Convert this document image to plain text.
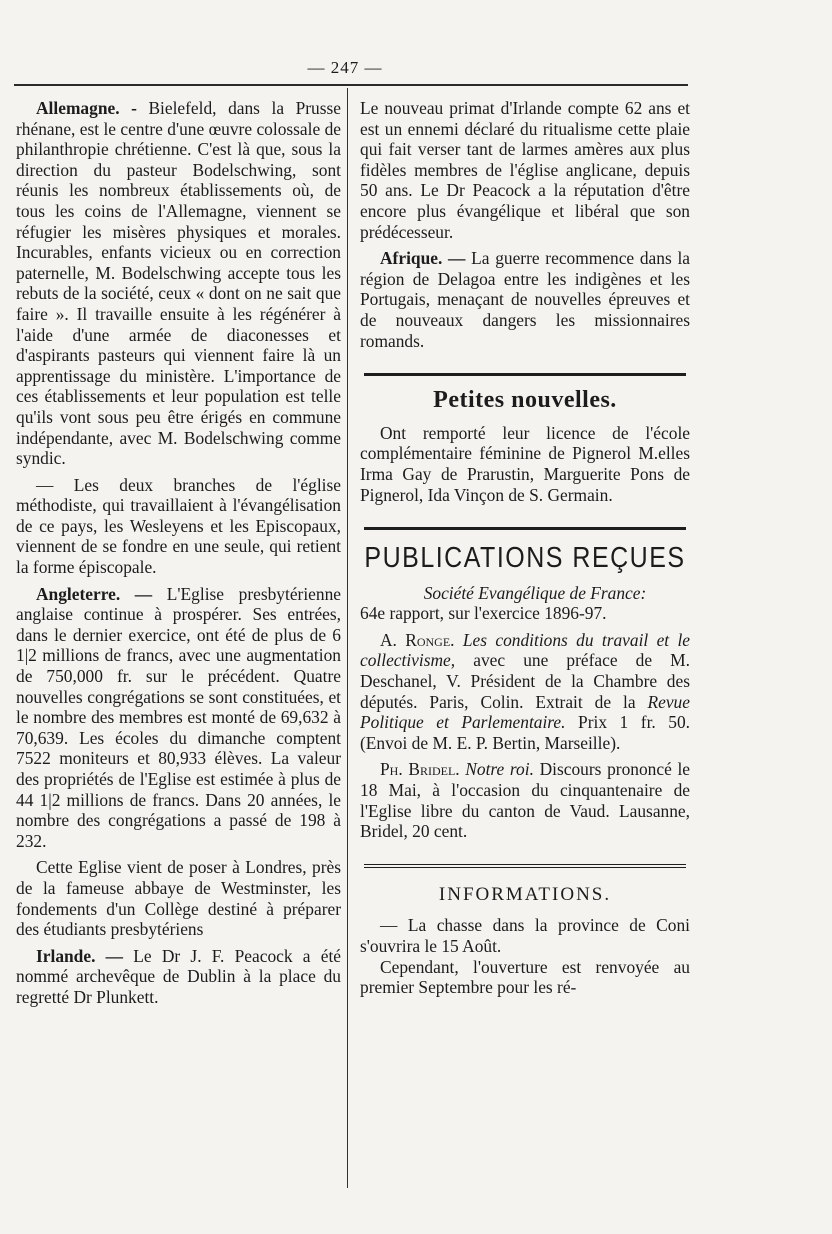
— 247 —

Allemagne. - Bielefeld, dans la Prusse rhénane, est le centre d'une œuvre colossale de philanthropie chrétienne. C'est là que, sous la direction du pasteur Bodelschwing, sont réunis les nombreux établissements où, de tous les coins de l'Allemagne, viennent se réfugier les misères physiques et morales. Incurables, enfants vicieux ou en correction paternelle, M. Bodelschwing accepte tous les rebuts de la société, ceux « dont on ne sait que faire ». Il travaille ensuite à les régénérer à l'aide d'une armée de diaconesses et d'aspirants pasteurs qui viennent faire là un apprentissage du ministère. L'importance de ces établissements et leur population est telle qu'ils vont sous peu être érigés en commune indépendante, avec M. Bodelschwing comme syndic.

— Les deux branches de l'église méthodiste, qui travaillaient à l'évangélisation de ce pays, les Wesleyens et les Episcopaux, viennent de se fondre en une seule, qui retient la forme épiscopale.

Angleterre. — L'Eglise presbytérienne anglaise continue à prospérer. Ses entrées, dans le dernier exercice, ont été de plus de 6 1|2 millions de francs, avec une augmentation de 750,000 fr. sur le précédent. Quatre nouvelles congrégations se sont constituées, et le nombre des membres est monté de 69,632 à 70,639. Les écoles du dimanche comptent 7522 moniteurs et 80,933 élèves. La valeur des propriétés de l'Eglise est estimée à plus de 44 1|2 millions de francs. Dans 20 années, le nombre des congrégations a passé de 198 à 232.

Cette Eglise vient de poser à Londres, près de la fameuse abbaye de Westminster, les fondements d'un Collège destiné à préparer des étudiants presbytériens

Irlande. — Le Dr J. F. Peacock a été nommé archevêque de Dublin à la place du regretté Dr Plunkett.

Le nouveau primat d'Irlande compte 62 ans et est un ennemi déclaré du ritualisme cette plaie qui fait verser tant de larmes amères aux plus fidèles membres de l'église anglicane, depuis 50 ans. Le Dr Peacock a la réputation d'être encore plus évangélique et libéral que son prédécesseur.

Afrique. — La guerre recommence dans la région de Delagoa entre les indigènes et les Portugais, menaçant de nouvelles épreuves et de nouveaux dangers les missionnaires romands.

Petites nouvelles.

Ont remporté leur licence de l'école complémentaire féminine de Pignerol M.elles Irma Gay de Prarustin, Marguerite Pons de Pignerol, Ida Vinçon de S. Germain.

PUBLICATIONS REÇUES

Société Evangélique de France:

64e rapport, sur l'exercice 1896-97.

A. Ronge. Les conditions du travail et le collectivisme, avec une préface de M. Deschanel, V. Président de la Chambre des députés. Paris, Colin. Extrait de la Revue Politique et Parlementaire. Prix 1 fr. 50. (Envoi de M. E. P. Bertin, Marseille).

Ph. Bridel. Notre roi. Discours prononcé le 18 Mai, à l'occasion du cinquantenaire de l'Eglise libre du canton de Vaud. Lausanne, Bridel, 20 cent.

INFORMATIONS.

— La chasse dans la province de Coni s'ouvrira le 15 Août.

Cependant, l'ouverture est renvoyée au premier Septembre pour les ré-
